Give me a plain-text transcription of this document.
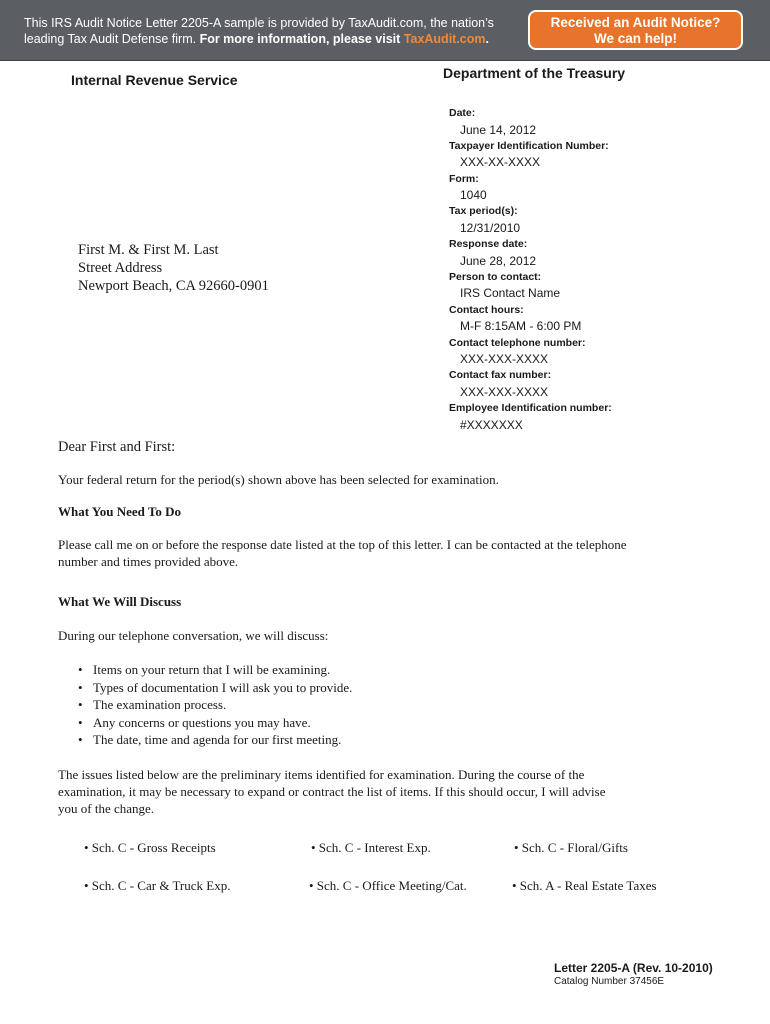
This IRS Audit Notice Letter 2205-A sample is provided by TaxAudit.com, the nation’s
leading Tax Audit Defense firm. For more information, please visit TaxAudit.com.
Received an Audit Notice?
We can help!
Internal Revenue Service	Department of the Treasury
Date:
June 14, 2012
Taxpayer Identification Number:
XXX-XX-XXXX
Form:
1040
Tax period(s):
12/31/2010
Response date:
June 28, 2012
Person to contact:
IRS Contact Name
Contact hours:
M-F 8:15AM - 6:00 PM
Contact telephone number:
XXX-XXX-XXXX
Contact fax number:
XXX-XXX-XXXX
Employee Identification number:
#XXXXXXX
First M. & First M. Last
Street Address
Newport Beach, CA 92660-0901
Dear First and First:
Your federal return for the period(s) shown above has been selected for examination.
What You Need To Do
Please call me on or before the response date listed at the top of this letter. I can be contacted at the telephone
number and times provided above.
What We Will Discuss
During our telephone conversation, we will discuss:
• Items on your return that I will be examining.
• Types of documentation I will ask you to provide.
• The examination process.
• Any concerns or questions you may have.
• The date, time and agenda for our first meeting.
The issues listed below are the preliminary items identified for examination. During the course of the
examination, it may be necessary to expand or contract the list of items. If this should occur, I will advise
you of the change.
• Sch. C - Gross Receipts	• Sch. C - Interest Exp.	• Sch. C - Floral/Gifts
• Sch. C - Car & Truck Exp.	• Sch. C - Office Meeting/Cat.	• Sch. A - Real Estate Taxes
Letter 2205-A (Rev. 10-2010)
Catalog Number 37456E
